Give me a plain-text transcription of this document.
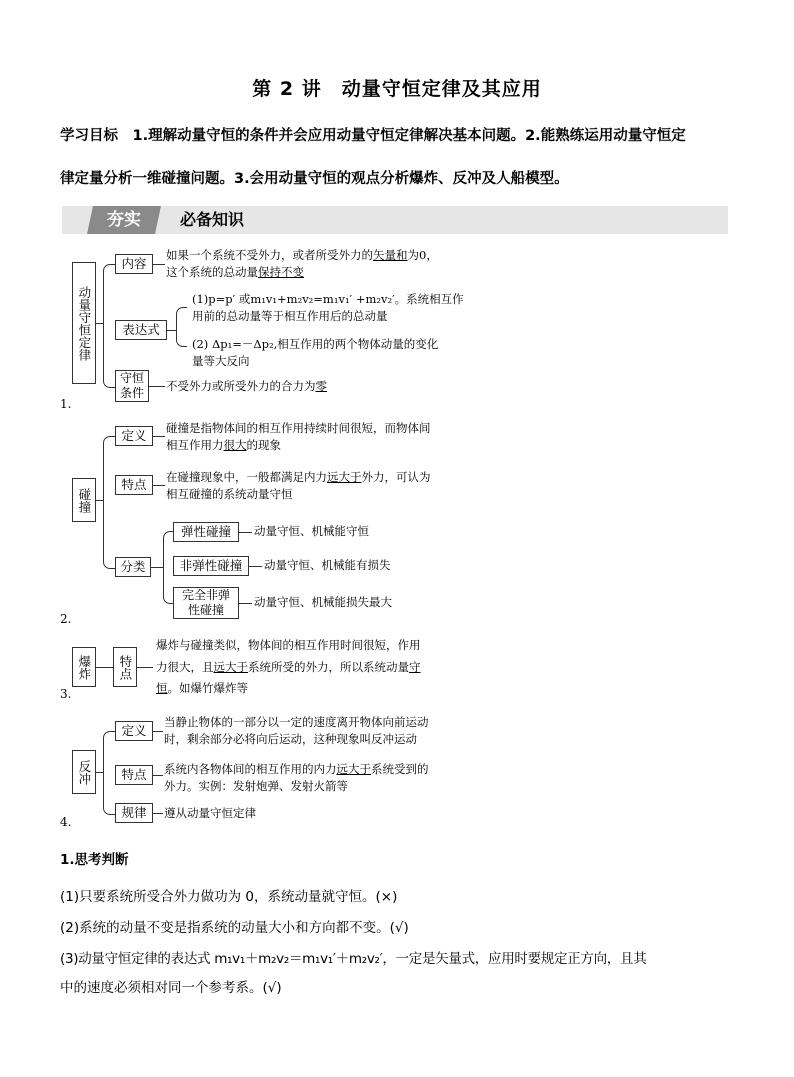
第 2 讲　动量守恒定律及其应用
学习目标　 1.理解动量守恒的条件并会应用动量守恒定律解决基本问题。2.能熟练运用动量守恒定
律定量分析一维碰撞问题。3.会用动量守恒的观点分析爆炸、反冲及人船模型。
夯实	必备知识
动量守恒定律
内容
如果一个系统不受外力，或者所受外力的矢量和为0，
这个系统的总动量保持不变
表达式
(1)p=p′ 或m₁v₁+m₂v₂=m₁v₁′ +m₂v₂′。系统相互作
用前的总动量等于相互作用后的总动量
(2) Δp₁=－Δp₂,相互作用的两个物体动量的变化
量等大反向
守恒条件	不受外力或所受外力的合力为零
1.
碰撞
定义
碰撞是指物体间的相互作用持续时间很短，而物体间
相互作用力很大的现象
特点
在碰撞现象中，一般都满足内力远大于外力，可认为
相互碰撞的系统动量守恒
分类
弹性碰撞	动量守恒、机械能守恒
非弹性碰撞	动量守恒、机械能有损失
完全非弹性碰撞
动量守恒、机械能损失最大
2.
爆炸	特点
爆炸与碰撞类似，物体间的相互作用时间很短，作用
力很大，且远大于系统所受的外力，所以系统动量守
恒。如爆竹爆炸等
3.
反冲
定义
当静止物体的一部分以一定的速度离开物体向前运动
时，剩余部分必将向后运动，这种现象叫反冲运动
特点	系统内各物体间的相互作用的内力远大于系统受到的
外力。实例：发射炮弹、发射火箭等
规律	遵从动量守恒定律
4.
1.思考判断
(1)只要系统所受合外力做功为 0，系统动量就守恒。(×)
(2)系统的动量不变是指系统的动量大小和方向都不变。(√)
(3)动量守恒定律的表达式 m₁v₁＋m₂v₂＝m₁v₁′＋m₂v₂′，一定是矢量式，应用时要规定正方向，且其
中的速度必须相对同一个参考系。(√)
